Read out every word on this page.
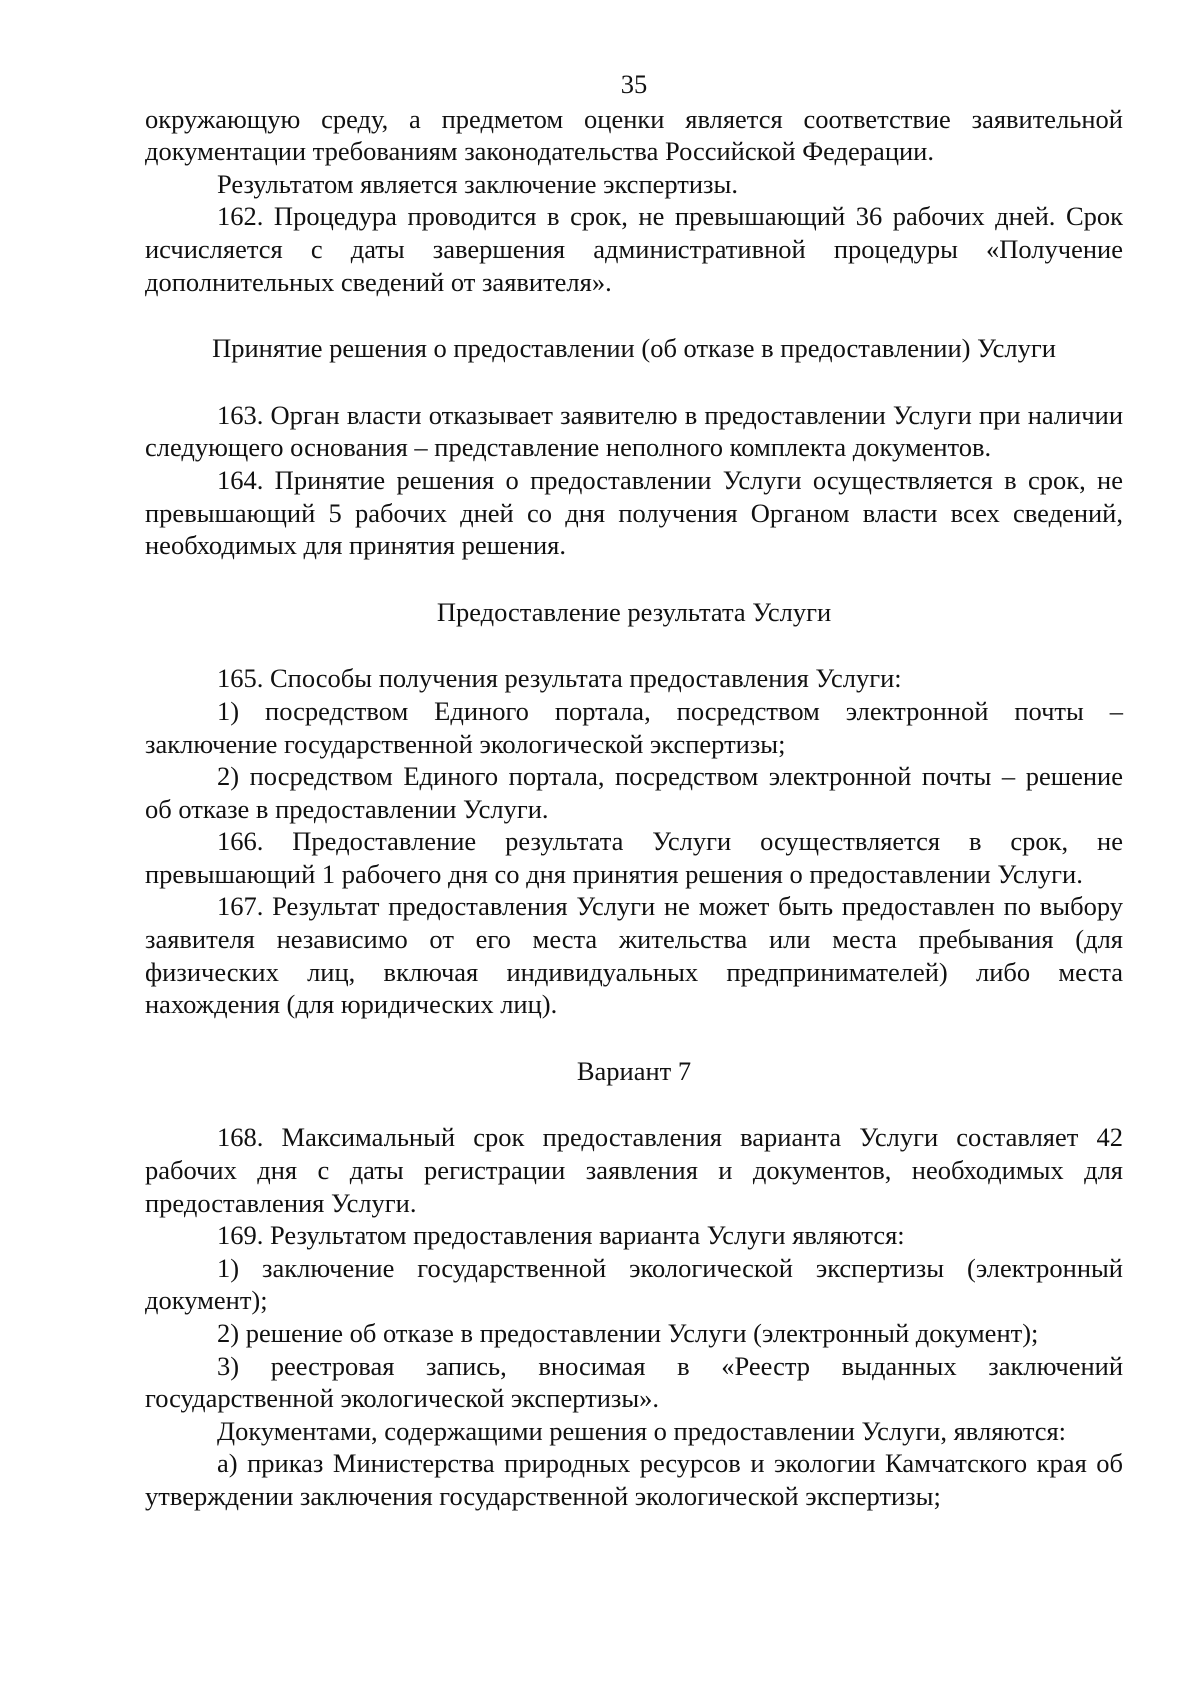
35

окружающую среду, а предметом оценки является соответствие заявительной документации требованиям законодательства Российской Федерации.

Результатом является заключение экспертизы.

162. Процедура проводится в срок, не превышающий 36 рабочих дней. Срок исчисляется с даты завершения административной процедуры «Получение дополнительных сведений от заявителя».

Принятие решения о предоставлении (об отказе в предоставлении) Услуги

163. Орган власти отказывает заявителю в предоставлении Услуги при наличии следующего основания – представление неполного комплекта документов.

164. Принятие решения о предоставлении Услуги осуществляется в срок, не превышающий 5 рабочих дней со дня получения Органом власти всех сведений, необходимых для принятия решения.

Предоставление результата Услуги

165. Способы получения результата предоставления Услуги:

1) посредством Единого портала, посредством электронной почты – заключение государственной экологической экспертизы;

2) посредством Единого портала, посредством электронной почты – решение об отказе в предоставлении Услуги.

166. Предоставление результата Услуги осуществляется в срок, не превышающий 1 рабочего дня со дня принятия решения о предоставлении Услуги.

167. Результат предоставления Услуги не может быть предоставлен по выбору заявителя независимо от его места жительства или места пребывания (для физических лиц, включая индивидуальных предпринимателей) либо места нахождения (для юридических лиц).

Вариант 7

168. Максимальный срок предоставления варианта Услуги составляет 42 рабочих дня с даты регистрации заявления и документов, необходимых для предоставления Услуги.

169. Результатом предоставления варианта Услуги являются:

1) заключение государственной экологической экспертизы (электронный документ);

2) решение об отказе в предоставлении Услуги (электронный документ);

3) реестровая запись, вносимая в «Реестр выданных заключений государственной экологической экспертизы».

Документами, содержащими решения о предоставлении Услуги, являются:

а) приказ Министерства природных ресурсов и экологии Камчатского края об утверждении заключения государственной экологической экспертизы;
